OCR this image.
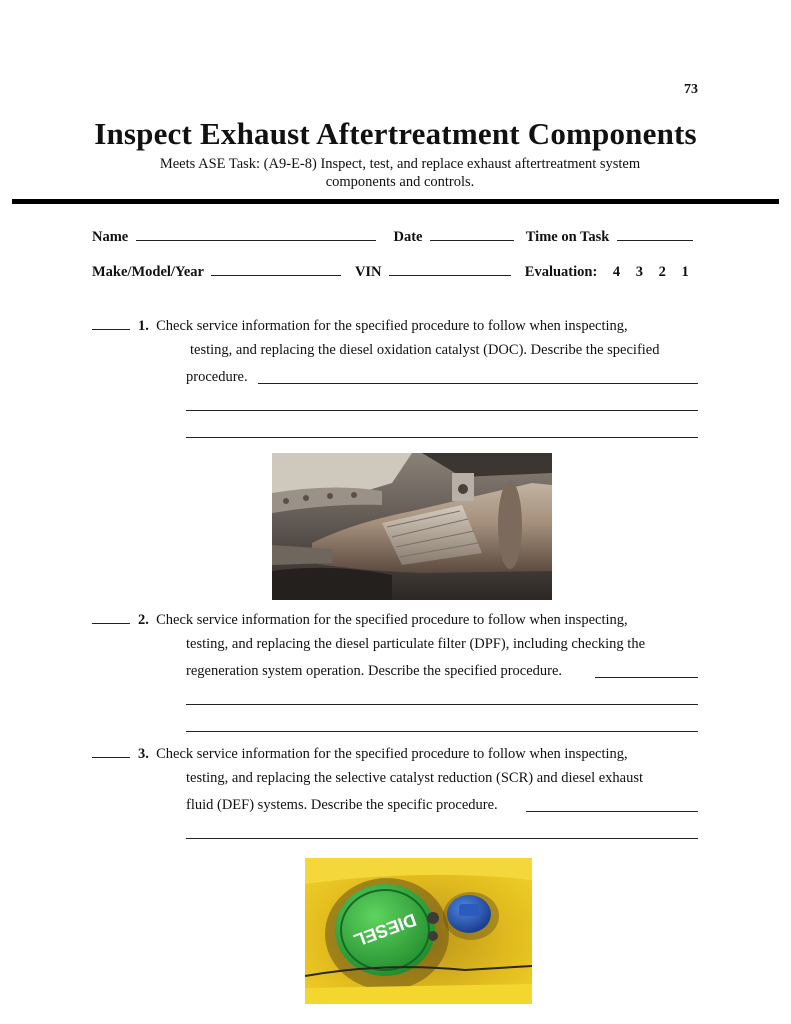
73
Inspect Exhaust Aftertreatment Components
Meets ASE Task: (A9-E-8) Inspect, test, and replace exhaust aftertreatment system
components and controls.
Name	Date	Time on Task
Make/Model/Year	VIN	Evaluation: 4 3 2 1
1. Check service information for the specified procedure to follow when inspecting,
testing, and replacing the diesel oxidation catalyst (DOC). Describe the specified
procedure.
2. Check service information for the specified procedure to follow when inspecting,
testing, and replacing the diesel particulate filter (DPF), including checking the
regeneration system operation. Describe the specified procedure.
3. Check service information for the specified procedure to follow when inspecting,
testing, and replacing the selective catalyst reduction (SCR) and diesel exhaust
fluid (DEF) systems. Describe the specific procedure.
DIESEL
